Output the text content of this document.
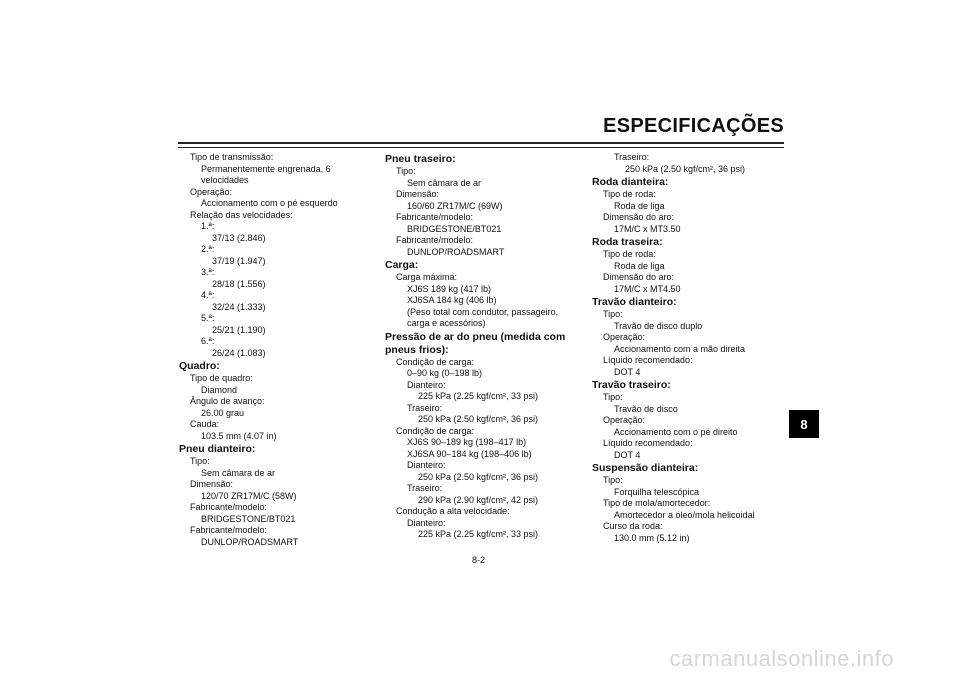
ESPECIFICAÇÕES
Tipo de transmissão:
Permanentemente engrenada, 6
velocidades
Operação:
Accionamento com o pé esquerdo
Relação das velocidades:
1.ª:
37/13 (2.846)
2.ª:
37/19 (1.947)
3.ª:
28/18 (1.556)
4.ª:
32/24 (1.333)
5.ª:
25/21 (1.190)
6.ª:
26/24 (1.083)
Quadro:
Tipo de quadro:
Diamond
Ângulo de avanço:
26.00 grau
Cauda:
103.5 mm (4.07 in)
Pneu dianteiro:
Tipo:
Sem câmara de ar
Dimensão:
120/70 ZR17M/C (58W)
Fabricante/modelo:
BRIDGESTONE/BT021
Fabricante/modelo:
DUNLOP/ROADSMART
Pneu traseiro:
Tipo:
Sem câmara de ar
Dimensão:
160/60 ZR17M/C (69W)
Fabricante/modelo:
BRIDGESTONE/BT021
Fabricante/modelo:
DUNLOP/ROADSMART
Carga:
Carga máxima:
XJ6S 189 kg (417 lb)
XJ6SA 184 kg (406 lb)
(Peso total com condutor, passageiro,
carga e acessórios)
Pressão de ar do pneu (medida com pneus frios):
Condição de carga:
0–90 kg (0–198 lb)
Dianteiro:
225 kPa (2.25 kgf/cm², 33 psi)
Traseiro:
250 kPa (2.50 kgf/cm², 36 psi)
Condição de carga:
XJ6S 90–189 kg (198–417 lb)
XJ6SA 90–184 kg (198–406 lb)
Dianteiro:
250 kPa (2.50 kgf/cm², 36 psi)
Traseiro:
290 kPa (2.90 kgf/cm², 42 psi)
Condução a alta velocidade:
Dianteiro:
225 kPa (2.25 kgf/cm², 33 psi)
Traseiro:
250 kPa (2.50 kgf/cm², 36 psi)
Roda dianteira:
Tipo de roda:
Roda de liga
Dimensão do aro:
17M/C x MT3.50
Roda traseira:
Tipo de roda:
Roda de liga
Dimensão do aro:
17M/C x MT4.50
Travão dianteiro:
Tipo:
Travão de disco duplo
Operação:
Accionamento com a mão direita
Líquido recomendado:
DOT 4
Travão traseiro:
Tipo:
Travão de disco
Operação:
Accionamento com o pé direito
Líquido recomendado:
DOT 4
Suspensão dianteira:
Tipo:
Forquilha telescópica
Tipo de mola/amortecedor:
Amortecedor a óleo/mola helicoidal
Curso da roda:
130.0 mm (5.12 in)
8-2
8
carmanualsonline.info
